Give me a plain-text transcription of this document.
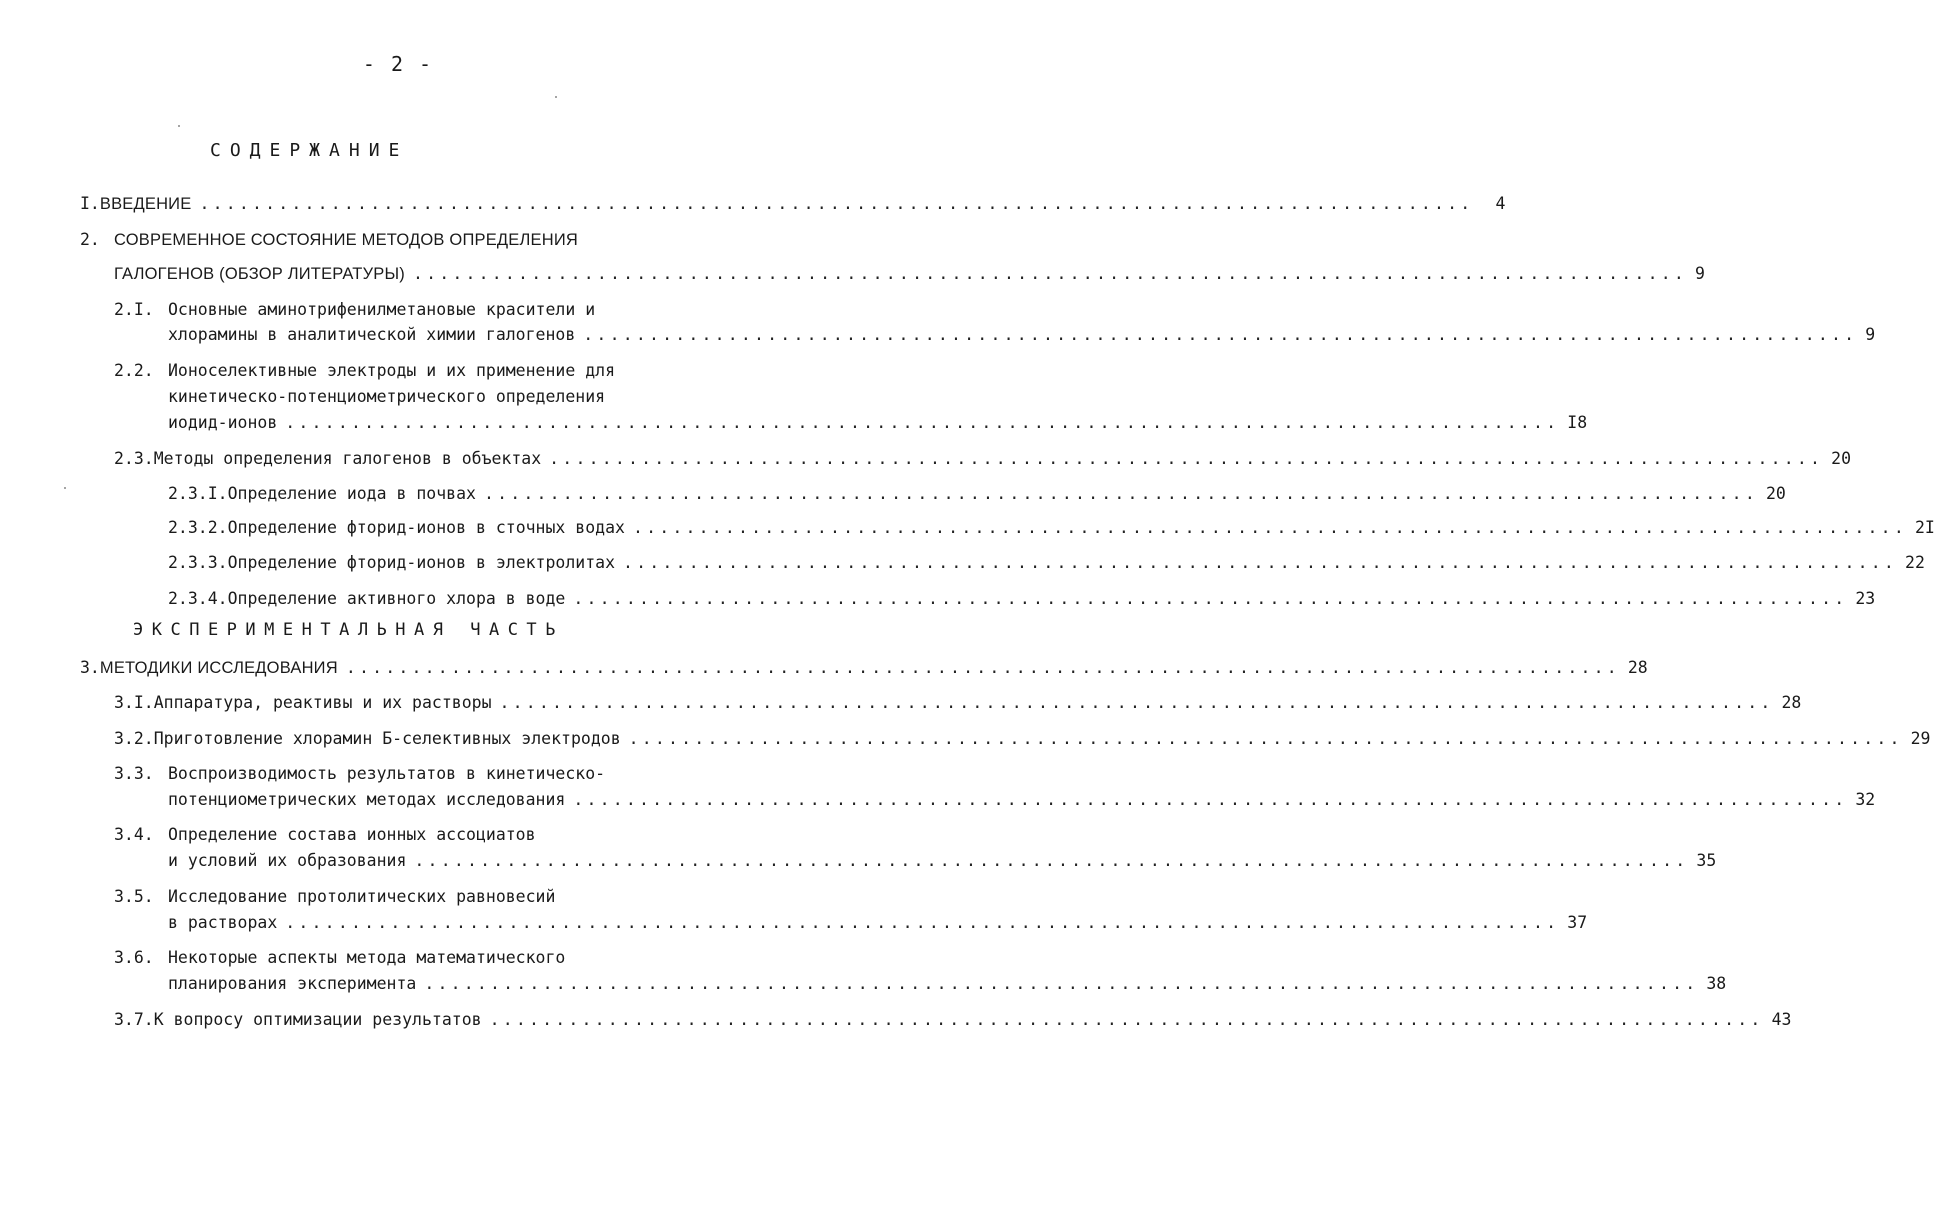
- 2 -
СОДЕРЖАНИЕ
I. ВВЕДЕНИЕ .................................................................................................	4
2. СОВРЕМЕННОЕ СОСТОЯНИЕ МЕТОДОВ ОПРЕДЕЛЕНИЯ
ГАЛОГЕНОВ (ОБЗОР ЛИТЕРАТУРЫ) ................................................................................................. 9
2.I. Основные аминотрифенилметановые красители и
хлорамины в аналитической химии галогенов ................................................................................................. 9
2.2. Ионоселективные электроды и их применение для
кинетическо-потенциометрического определения
иодид-ионов ................................................................................................. I8
2.3. Методы определения галогенов в объектах ................................................................................................. 20
2.3.I. Определение иода в почвах ................................................................................................. 20
2.3.2. Определение фторид-ионов в сточных водах ................................................................................................. 2I
2.3.3. Определение фторид-ионов в электролитах ................................................................................................. 22
2.3.4. Определение активного хлора в воде ................................................................................................. 23
ЭКСПЕРИМЕНТАЛЬНАЯ ЧАСТЬ
3. МЕТОДИКИ ИССЛЕДОВАНИЯ ................................................................................................. 28
3.I. Аппаратура, реактивы и их растворы ................................................................................................. 28
3.2. Приготовление хлорамин Б-селективных электродов ................................................................................................. 29
3.3. Воспроизводимость результатов в кинетическо-
потенциометрических методах исследования ................................................................................................. 32
3.4. Определение состава ионных ассоциатов
и условий их образования ................................................................................................. 35
3.5. Исследование протолитических равновесий
в растворах ................................................................................................. 37
3.6. Некоторые аспекты метода математического
планирования эксперимента ................................................................................................. 38
3.7. К вопросу оптимизации результатов ................................................................................................. 43
